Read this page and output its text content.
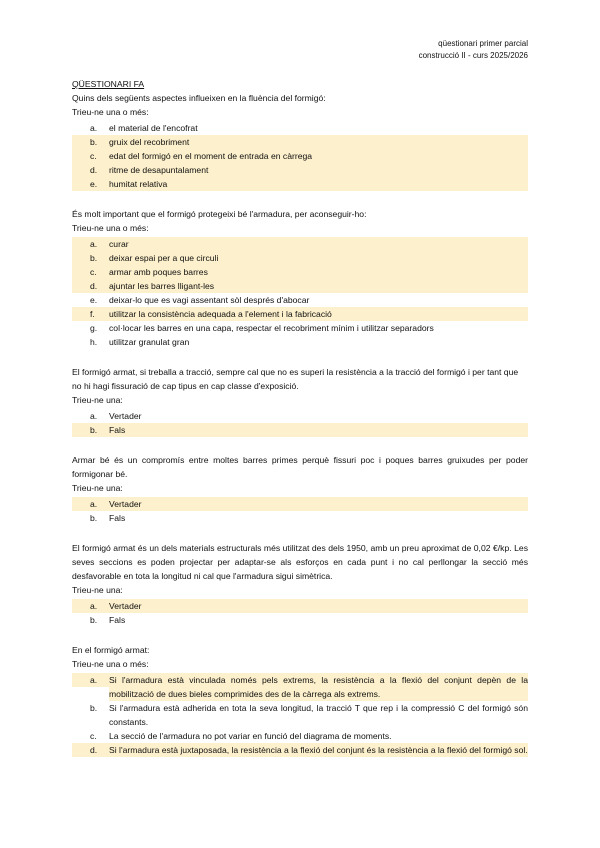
qüestionari primer parcial
construcció II - curs 2025/2026
QÜESTIONARI FA
Quins dels següents aspectes influeixen en la fluència del formigó:
Trieu-ne una o més:
a.	el material de l'encofrat
b.	gruix del recobriment
c.	edat del formigó en el moment de entrada en càrrega
d.	ritme de desapuntalament
e.	humitat relativa
És molt important que el formigó protegeixi bé l'armadura, per aconseguir-ho:
Trieu-ne una o més:
a.	curar
b.	deixar espai per a que circuli
c.	armar amb poques barres
d.	ajuntar les barres lligant-les
e.	deixar-lo que es vagi assentant sòl després d'abocar
f.	utilitzar la consistència adequada a l'element i la fabricació
g.	col·locar les barres en una capa, respectar el recobriment mínim i utilitzar separadors
h.	utilitzar granulat gran
El formigó armat, si treballa a tracció, sempre cal que no es superi la resistència a la tracció del formigó i per tant que no hi hagi fissuració de cap tipus en cap classe d'exposició.
Trieu-ne una:
a.	Vertader
b.	Fals
Armar bé és un compromís entre moltes barres primes perquè fissuri poc i poques barres gruixudes per poder formigonar bé.
Trieu-ne una:
a.	Vertader
b.	Fals
El formigó armat és un dels materials estructurals més utilitzat des dels 1950, amb un preu aproximat de 0,02 €/kp. Les seves seccions es poden projectar per adaptar-se als esforços en cada punt i no cal perllongar la secció més desfavorable en tota la longitud ni cal que l'armadura sigui simètrica.
Trieu-ne una:
a.	Vertader
b.	Fals
En el formigó armat:
Trieu-ne una o més:
a.	Si l'armadura està vinculada només pels extrems, la resistència a la flexió del conjunt depèn de la mobilització de dues bieles comprimides des de la càrrega als extrems.
b.	Si l'armadura està adherida en tota la seva longitud, la tracció T que rep i la compressió C del formigó són constants.
c.	La secció de l'armadura no pot variar en funció del diagrama de moments.
d.	Si l'armadura està juxtaposada, la resistència a la flexió del conjunt és la resistència a la flexió del formigó sol.
